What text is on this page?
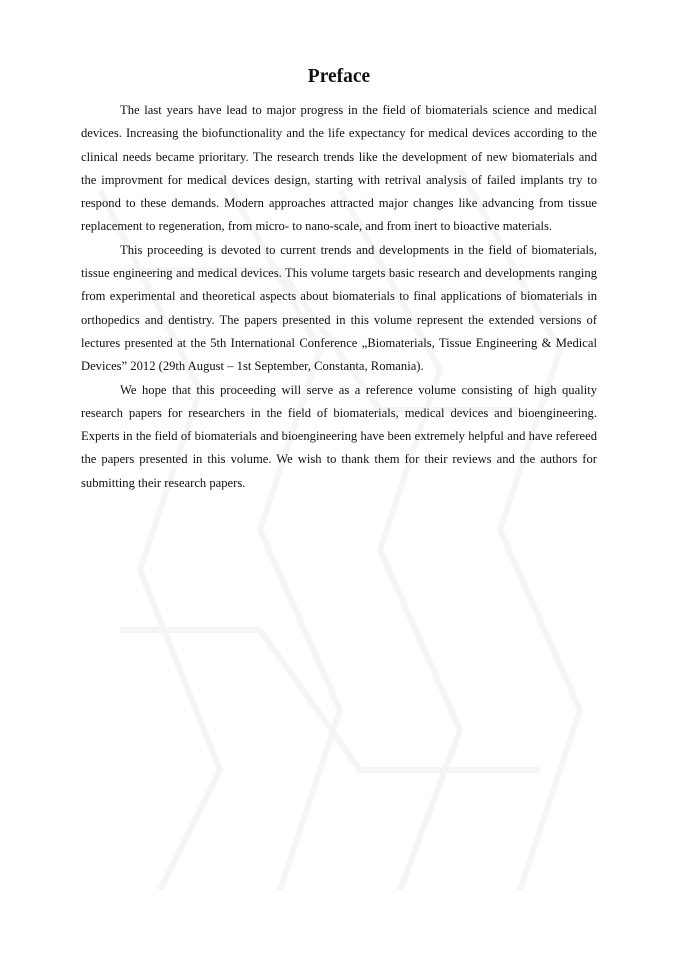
Preface

The last years have lead to major progress in the field of biomaterials science and medical devices. Increasing the biofunctionality and the life expectancy for medical devices according to the clinical needs became prioritary. The research trends like the development of new biomaterials and the improvment for medical devices design, starting with retrival analysis of failed implants try to respond to these demands. Modern approaches attracted major changes like advancing from tissue replacement to regeneration, from micro- to nano-scale, and from inert to bioactive materials.

This proceeding is devoted to current trends and developments in the field of biomaterials, tissue engineering and medical devices. This volume targets basic research and developments ranging from experimental and theoretical aspects about biomaterials to final applications of biomaterials in orthopedics and dentistry. The papers presented in this volume represent the extended versions of lectures presented at the 5th International Conference „Biomaterials, Tissue Engineering & Medical Devices” 2012 (29th August – 1st September, Constanta, Romania).

We hope that this proceeding will serve as a reference volume consisting of high quality research papers for researchers in the field of biomaterials, medical devices and bioengineering. Experts in the field of biomaterials and bioengineering have been extremely helpful and have refereed the papers presented in this volume. We wish to thank them for their reviews and the authors for submitting their research papers.
